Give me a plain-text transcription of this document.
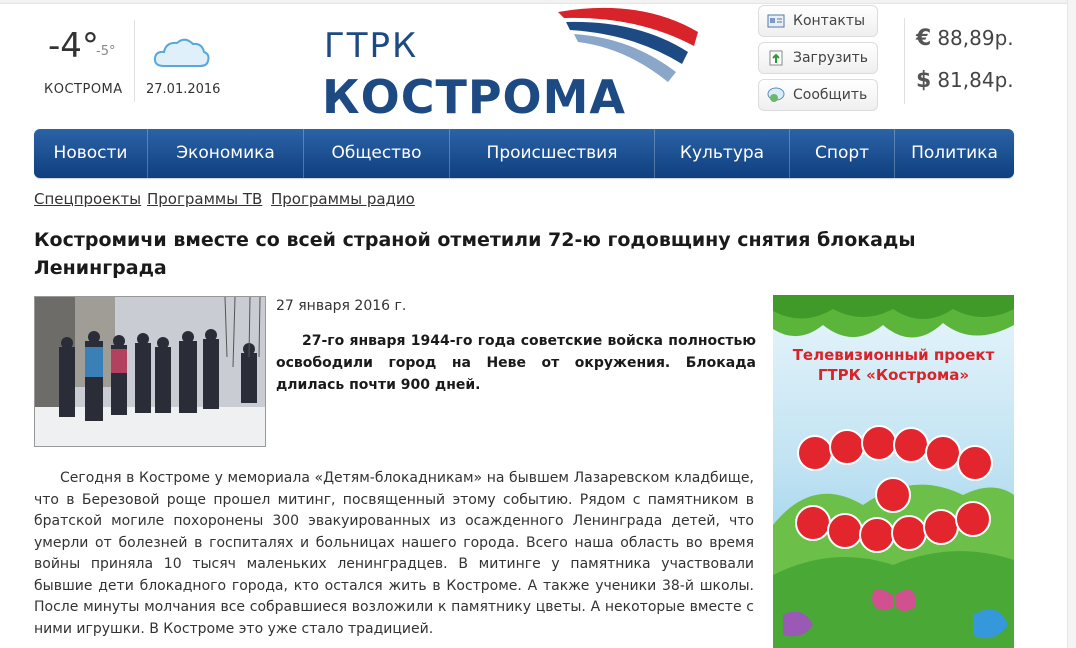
-4°
-5°
КОСТРОМА 27.01.2016
ГТРК
КОСТРОМА
Контакты
Загрузить
Сообщить
€ 88,89р.
$ 81,84р.
Новости	Экономика	Общество	Происшествия	Культура	Спорт	Политика
Спецпроекты Программы ТВ Программы радио
Костромичи вместе со всей страной отметили 72-ю годовщину снятия блокады Ленинграда
27 января 2016 г.
27-го января 1944-го года советские войска полностью освободили город на Неве от окружения. Блокада длилась почти 900 дней.
Сегодня в Костроме у мемориала «Детям-блокадникам» на бывшем Лазаревском кладбище, что в Березовой роще прошел митинг, посвященный этому событию. Рядом с памятником в братской могиле похоронены 300 эвакуированных из осажденного Ленинграда детей, что умерли от болезней в госпиталях и больницах нашего города. Всего наша область во время войны приняла 10 тысяч маленьких ленинградцев. В митинге у памятника участвовали бывшие дети блокадного города, кто остался жить в Костроме. А также ученики 38-й школы. После минуты молчания все собравшиеся возложили к памятнику цветы. А некоторые вместе с ними игрушки. В Костроме это уже стало традицией.
Телевизионный проект
ГТРК «Кострома»
